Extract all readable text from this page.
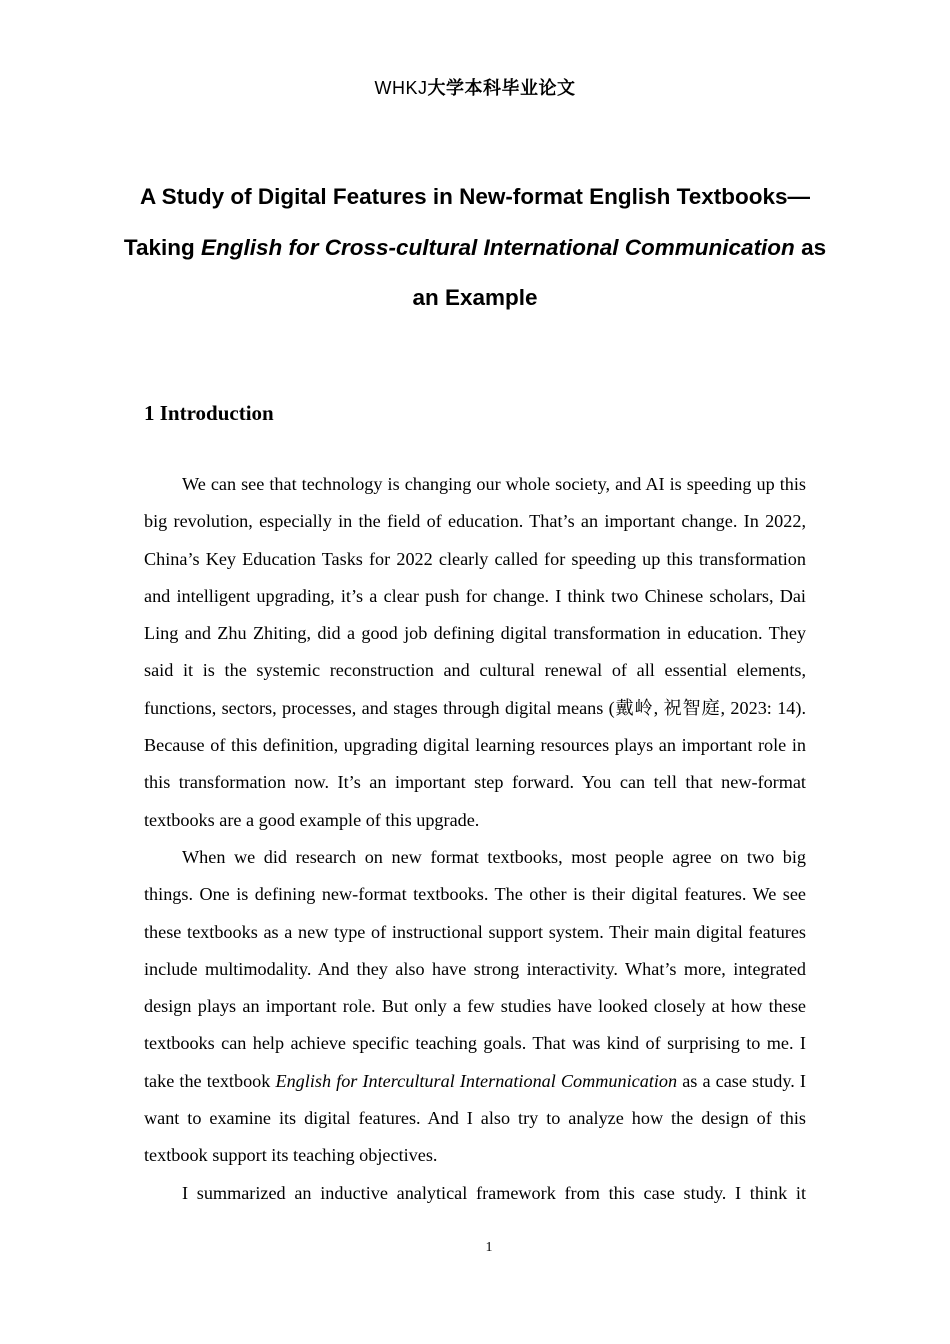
WHKJ大学本科毕业论文
A Study of Digital Features in New-format English Textbooks—Taking English for Cross-cultural International Communication as an Example
1 Introduction

We can see that technology is changing our whole society, and AI is speeding up this big revolution, especially in the field of education. That’s an important change. In 2022, China’s Key Education Tasks for 2022 clearly called for speeding up this transformation and intelligent upgrading, it’s a clear push for change. I think two Chinese scholars, Dai Ling and Zhu Zhiting, did a good job defining digital transformation in education. They said it is the systemic reconstruction and cultural renewal of all essential elements, functions, sectors, processes, and stages through digital means (戴岭, 祝智庭, 2023: 14). Because of this definition, upgrading digital learning resources plays an important role in this transformation now. It’s an important step forward. You can tell that new-format textbooks are a good example of this upgrade.

When we did research on new format textbooks, most people agree on two big things. One is defining new-format textbooks. The other is their digital features. We see these textbooks as a new type of instructional support system. Their main digital features include multimodality. And they also have strong interactivity. What’s more, integrated design plays an important role. But only a few studies have looked closely at how these textbooks can help achieve specific teaching goals. That was kind of surprising to me. I take the textbook English for Intercultural International Communication as a case study. I want to examine its digital features. And I also try to analyze how the design of this textbook support its teaching objectives.

I summarized an inductive analytical framework from this case study. I think it

1
